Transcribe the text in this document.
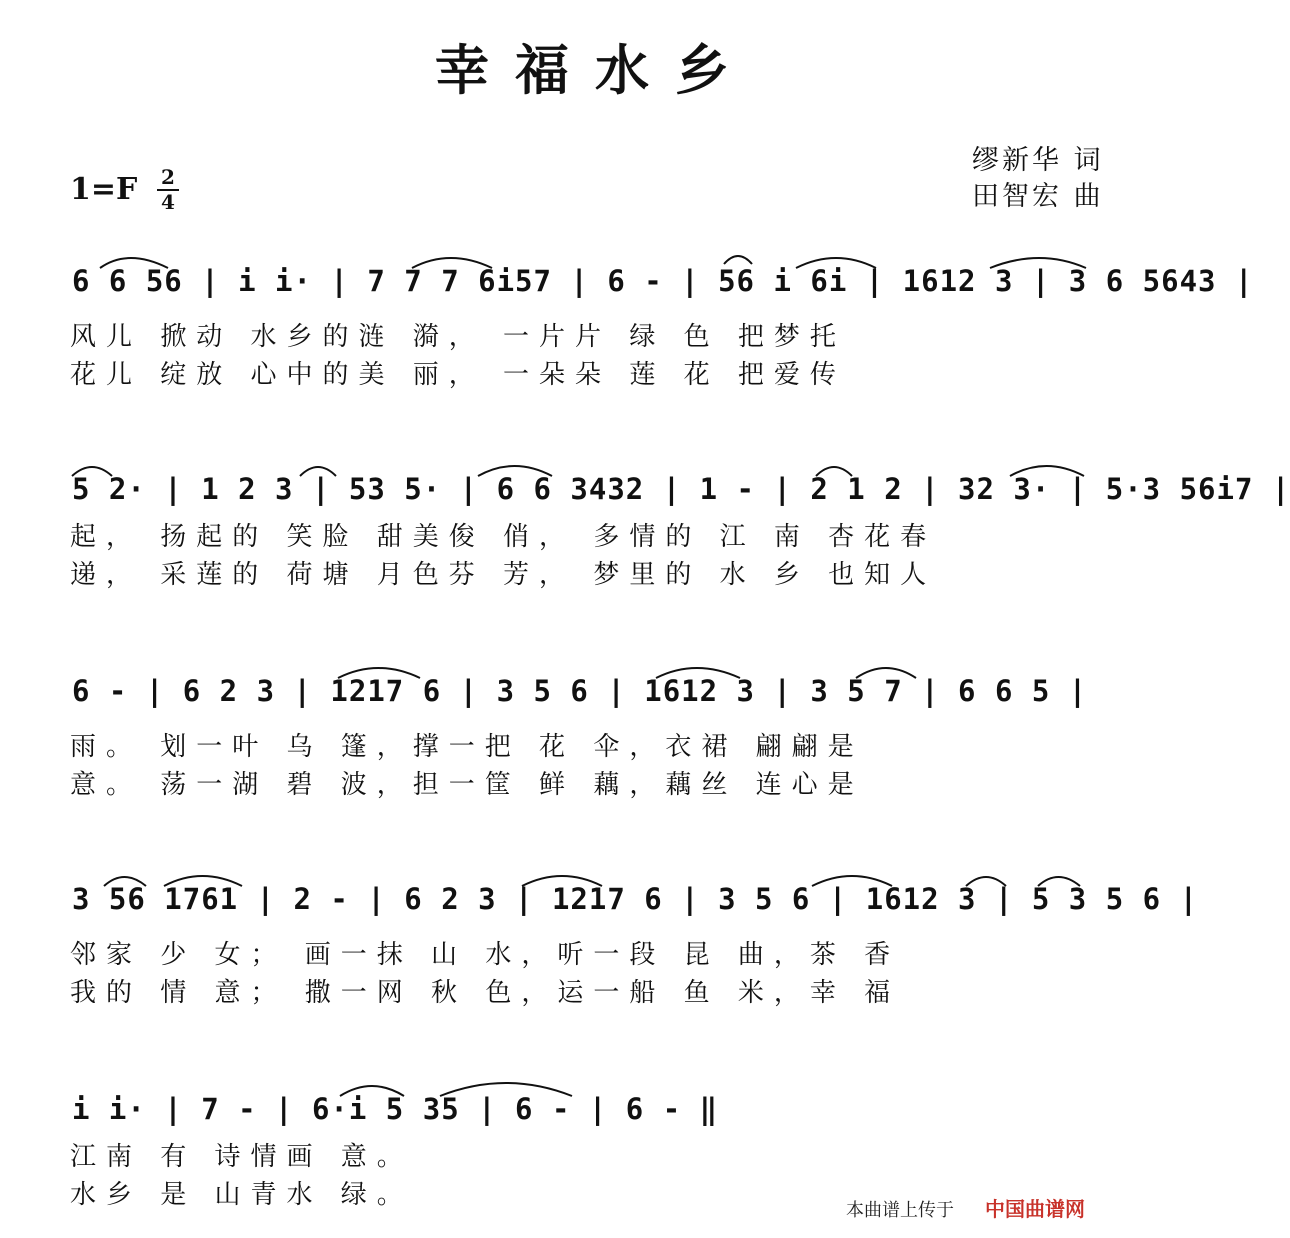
幸福水乡
缪新华 词
田智宏 曲
1=F 2
4
6 6 56 | i i· | 7 7 7 6i57 | 6 - | 56 i 6i | 1612 3 | 3 6 5643 |
风儿 掀动 水乡的涟 漪， 一片片 绿 色 把梦托
花儿 绽放 心中的美 丽， 一朵朵 莲 花 把爱传
5 2· | 1 2 3 | 53 5· | 6 6 3432 | 1 - | 2 1 2 | 32 3· | 5·3 56i7 |
起， 扬起的 笑脸 甜美俊 俏， 多情的 江 南 杏花春
递， 采莲的 荷塘 月色芬 芳， 梦里的 水 乡 也知人
6 - | 6 2 3 | 1217 6 | 3 5 6 | 1612 3 | 3 5 7 | 6 6 5 |
雨。 划一叶 乌 篷，撑一把 花 伞，衣裙 翩翩是
意。 荡一湖 碧 波，担一筐 鲜 藕，藕丝 连心是
3 56 1761 | 2 - | 6 2 3 | 1217 6 | 3 5 6 | 1612 3 | 5 3 5 6 |
邻家 少 女； 画一抹 山 水，听一段 昆 曲，茶 香
我的 情 意； 撒一网 秋 色，运一船 鱼 米，幸 福
i i· | 7 - | 6·i 5 35 | 6 - | 6 - ‖
江南 有 诗情画 意。
水乡 是 山青水 绿。
本曲谱上传于 中国曲谱网
